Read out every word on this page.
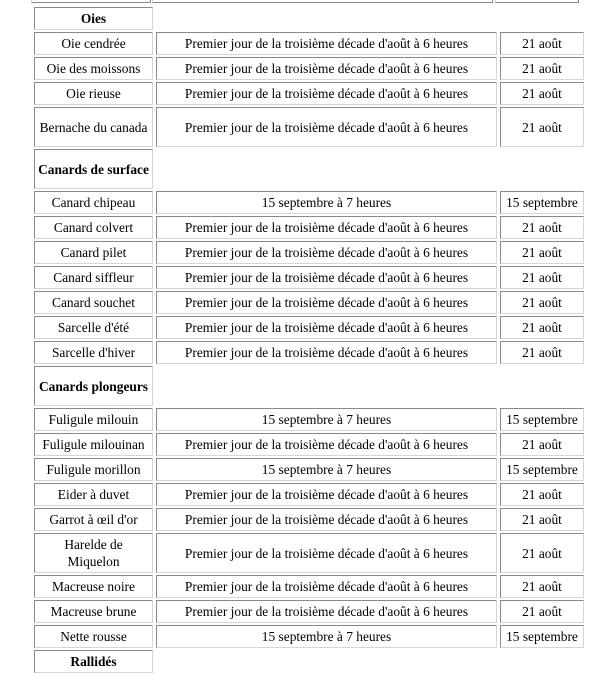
Oies		
Oie cendrée	Premier jour de la troisième décade d'août à 6 heures	21 août
Oie des moissons	Premier jour de la troisième décade d'août à 6 heures	21 août
Oie rieuse	Premier jour de la troisième décade d'août à 6 heures	21 août
Bernache du canada	Premier jour de la troisième décade d'août à 6 heures	21 août
Canards de surface		
Canard chipeau	15 septembre à 7 heures	15 septembre
Canard colvert	Premier jour de la troisième décade d'août à 6 heures	21 août
Canard pilet	Premier jour de la troisième décade d'août à 6 heures	21 août
Canard siffleur	Premier jour de la troisième décade d'août à 6 heures	21 août
Canard souchet	Premier jour de la troisième décade d'août à 6 heures	21 août
Sarcelle d'été	Premier jour de la troisième décade d'août à 6 heures	21 août
Sarcelle d'hiver	Premier jour de la troisième décade d'août à 6 heures	21 août
Canards plongeurs		
Fuligule milouin	15 septembre à 7 heures	15 septembre
Fuligule milouinan	Premier jour de la troisième décade d'août à 6 heures	21 août
Fuligule morillon	15 septembre à 7 heures	15 septembre
Eider à duvet	Premier jour de la troisième décade d'août à 6 heures	21 août
Garrot à œil d'or	Premier jour de la troisième décade d'août à 6 heures	21 août
Harelde de Miquelon	Premier jour de la troisième décade d'août à 6 heures	21 août
Macreuse noire	Premier jour de la troisième décade d'août à 6 heures	21 août
Macreuse brune	Premier jour de la troisième décade d'août à 6 heures	21 août
Nette rousse	15 septembre à 7 heures	15 septembre
Rallidés		
